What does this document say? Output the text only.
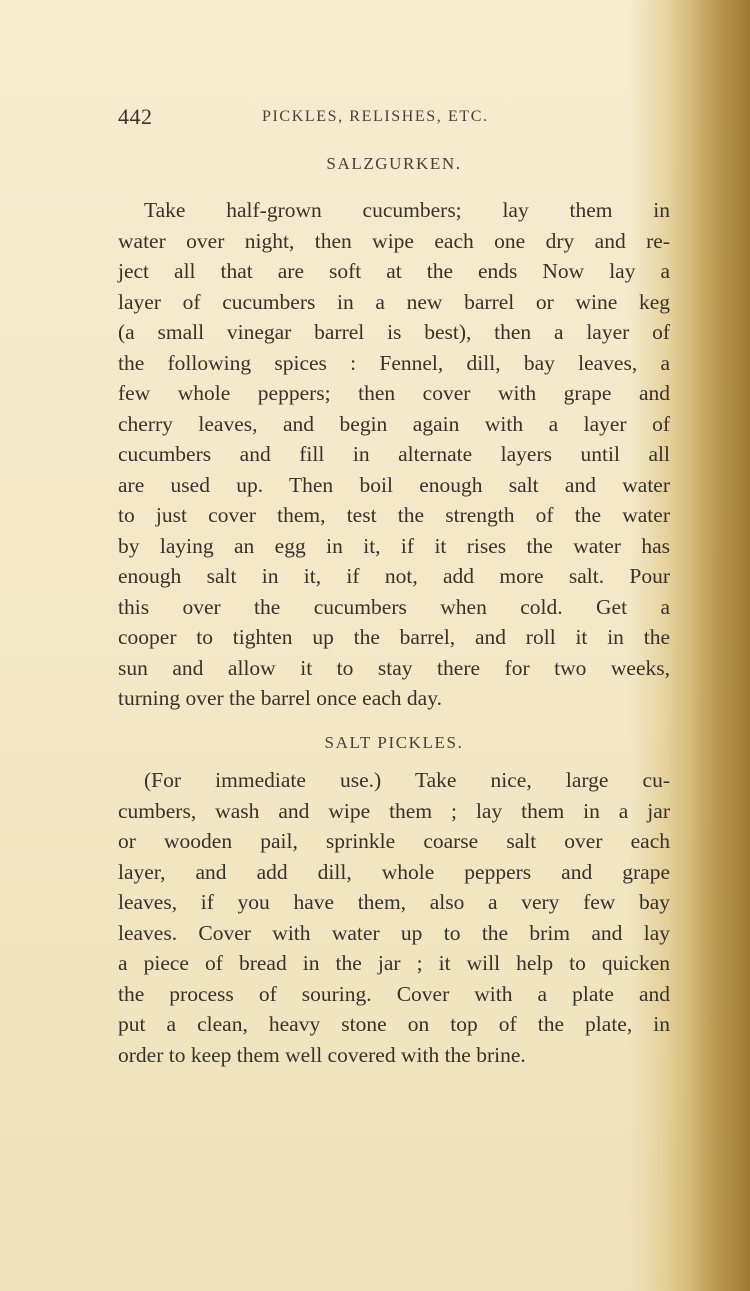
442	PICKLES, RELISHES, ETC.
SALZGURKEN.
Take half-grown cucumbers; lay them in
water over night, then wipe each one dry and re-
ject all that are soft at the ends Now lay a
layer of cucumbers in a new barrel or wine keg
(a small vinegar barrel is best), then a layer of
the following spices : Fennel, dill, bay leaves, a
few whole peppers; then cover with grape and
cherry leaves, and begin again with a layer of
cucumbers and fill in alternate layers until all
are used up. Then boil enough salt and water
to just cover them, test the strength of the water
by laying an egg in it, if it rises the water has
enough salt in it, if not, add more salt. Pour
this over the cucumbers when cold. Get a
cooper to tighten up the barrel, and roll it in the
sun and allow it to stay there for two weeks,
turning over the barrel once each day.
SALT PICKLES.
(For immediate use.) Take nice, large cu-
cumbers, wash and wipe them ; lay them in a jar
or wooden pail, sprinkle coarse salt over each
layer, and add dill, whole peppers and grape
leaves, if you have them, also a very few bay
leaves. Cover with water up to the brim and lay
a piece of bread in the jar ; it will help to quicken
the process of souring. Cover with a plate and
put a clean, heavy stone on top of the plate, in
order to keep them well covered with the brine.
